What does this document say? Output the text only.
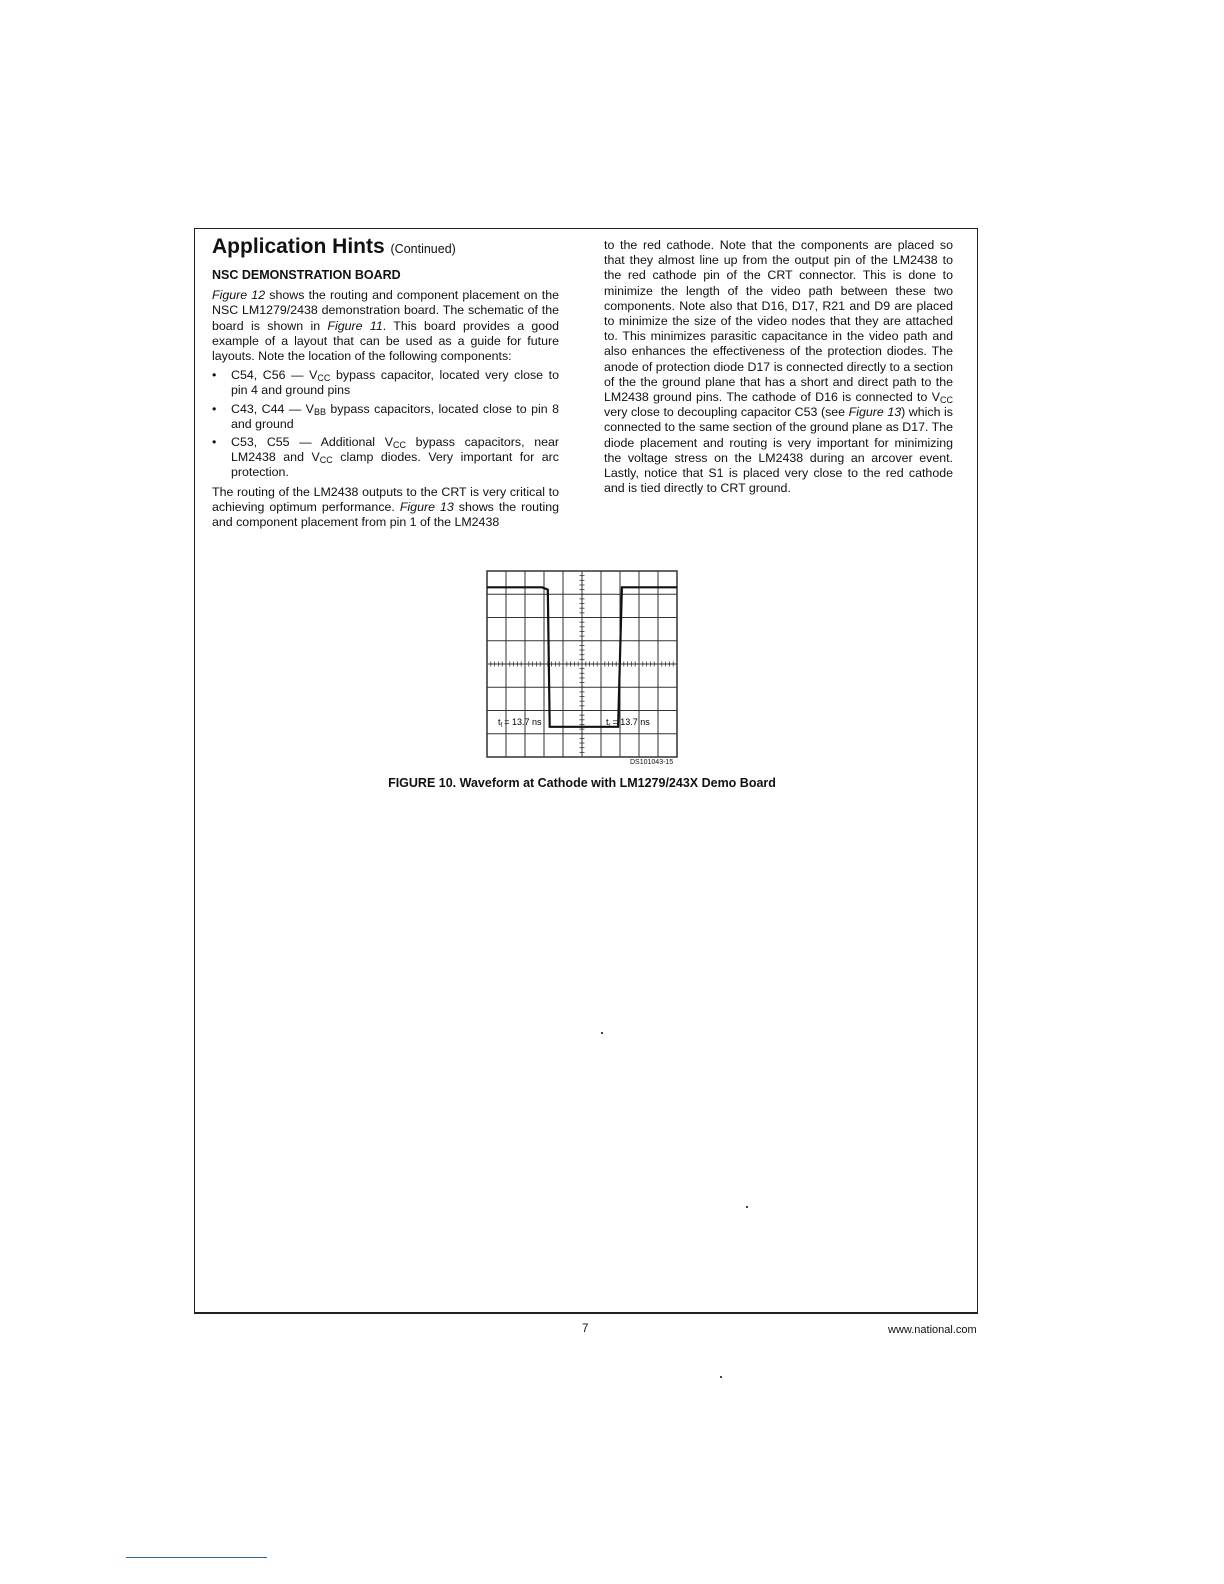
Application Hints (Continued)
NSC DEMONSTRATION BOARD

Figure 12 shows the routing and component placement on the NSC LM1279/2438 demonstration board. The schematic of the board is shown in Figure 11. This board provides a good example of a layout that can be used as a guide for future layouts. Note the location of the following components:

• C54, C56 — $V_{CC}$ bypass capacitor, located very close to pin 4 and ground pins
• C43, C44 — $V_{BB}$ bypass capacitors, located close to pin 8 and ground
• C53, C55 — Additional $V_{CC}$ bypass capacitors, near LM2438 and $V_{CC}$ clamp diodes. Very important for arc protection.

The routing of the LM2438 outputs to the CRT is very critical to achieving optimum performance. Figure 13 shows the routing and component placement from pin 1 of the LM2438

to the red cathode. Note that the components are placed so that they almost line up from the output pin of the LM2438 to the red cathode pin of the CRT connector. This is done to minimize the length of the video path between these two components. Note also that D16, D17, R21 and D9 are placed to minimize the size of the video nodes that they are attached to. This minimizes parasitic capacitance in the video path and also enhances the effectiveness of the protection diodes. The anode of protection diode D17 is connected directly to a section of the the ground plane that has a short and direct path to the LM2438 ground pins. The cathode of D16 is connected to $V_{CC}$ very close to decoupling capacitor C53 (see Figure 13) which is connected to the same section of the ground plane as D17. The diode placement and routing is very important for minimizing the voltage stress on the LM2438 during an arcover event. Lastly, notice that S1 is placed very close to the red cathode and is tied directly to CRT ground.

$t_f = 13.7$ ns	$t_r = 13.7$ ns
DS101043-15
FIGURE 10. Waveform at Cathode with LM1279/243X Demo Board
7	www.national.com
